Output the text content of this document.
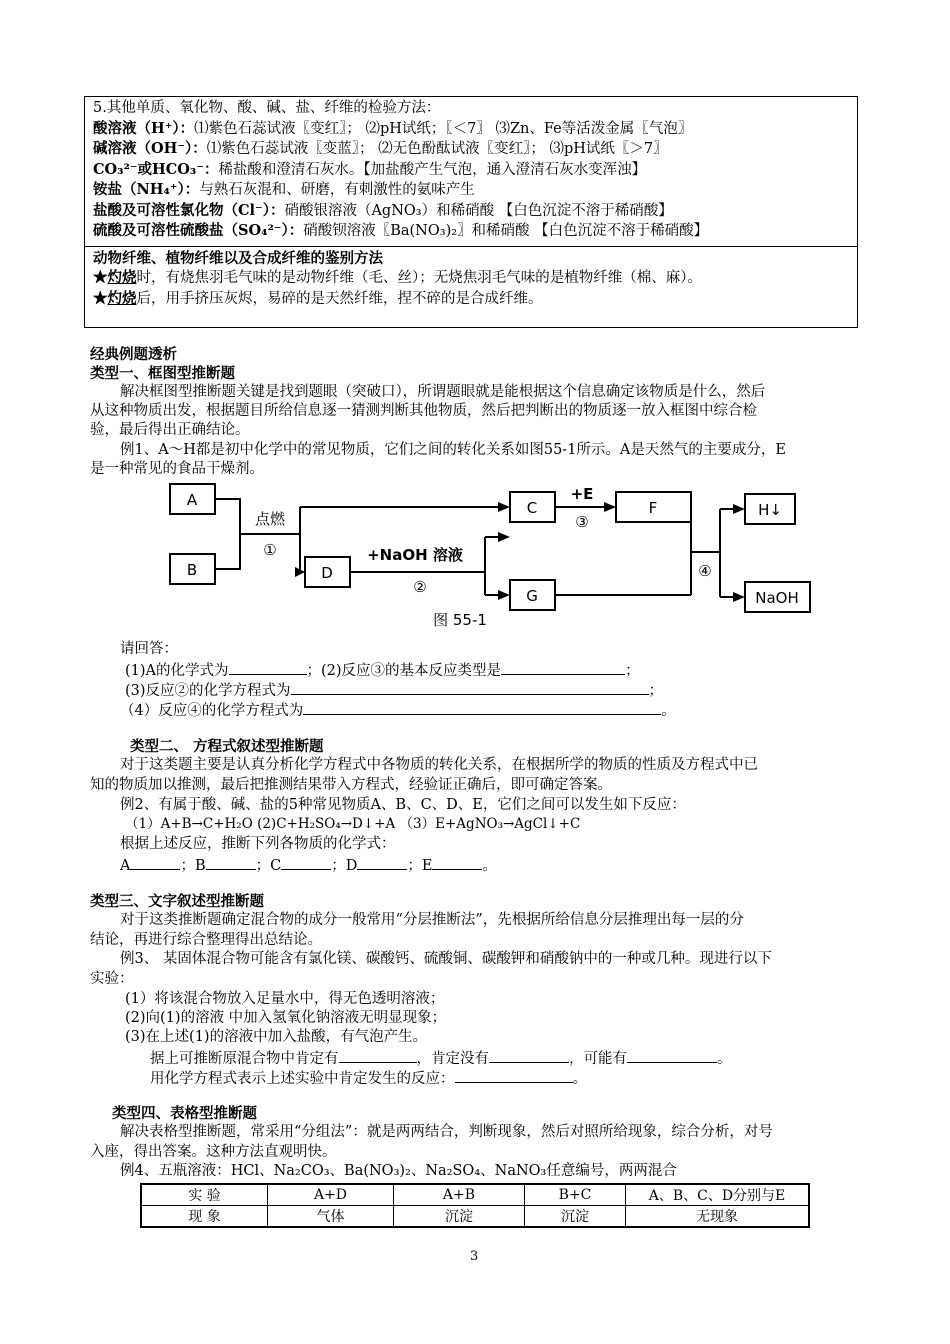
5.其他单质、氧化物、酸、碱、盐、纤维的检验方法：
酸溶液（H⁺）：⑴紫色石蕊试液〖变红〗； ⑵pH试纸；〖＜7〗 ⑶Zn、Fe等活泼金属〖气泡〗
碱溶液（OH⁻）：⑴紫色石蕊试液〖变蓝〗； ⑵无色酚酞试液〖变红〗； ⑶pH试纸〖＞7〗
CO₃²⁻或HCO₃⁻：稀盐酸和澄清石灰水。【加盐酸产生气泡，通入澄清石灰水变浑浊】
铵盐（NH₄⁺）：与熟石灰混和、研磨，有刺激性的氨味产生
盐酸及可溶性氯化物（Cl⁻）：硝酸银溶液（AgNO₃）和稀硝酸 【白色沉淀不溶于稀硝酸】
硫酸及可溶性硫酸盐（SO₄²⁻）：硝酸钡溶液〖Ba(NO₃)₂〗和稀硝酸 【白色沉淀不溶于稀硝酸】
动物纤维、植物纤维以及合成纤维的鉴别方法
★灼烧时，有烧焦羽毛气味的是动物纤维（毛、丝）；无烧焦羽毛气味的是植物纤维（棉、麻）。
★灼烧后，用手挤压灰烬，易碎的是天然纤维，捏不碎的是合成纤维。
经典例题透析
类型一、框图型推断题
解决框图型推断题关键是找到题眼（突破口），所谓题眼就是能根据这个信息确定该物质是什么，然后
从这种物质出发，根据题目所给信息逐一猜测判断其他物质，然后把判断出的物质逐一放入框图中综合检
验，最后得出正确结论。
例1、A～H都是初中化学中的常见物质，它们之间的转化关系如图55-1所示。A是天然气的主要成分，E
是一种常见的食品干燥剂。
A
B	D
C
G
F	H↓
NaOH
点燃
①	+NaOH 溶液
②
+E
③
④
图 55-1
请回答：
(1)A的化学式为	；(2)反应③的基本反应类型是	；
(3)反应②的化学方程式为	；
（4）反应④的化学方程式为	。
类型二、 方程式叙述型推断题
对于这类题主要是认真分析化学方程式中各物质的转化关系，在根据所学的物质的性质及方程式中已
知的物质加以推测，最后把推测结果带入方程式，经验证正确后，即可确定答案。
例2、有属于酸、碱、盐的5种常见物质A、B、C、D、E，它们之间可以发生如下反应：
（1）A+B→C+H₂O (2)C+H₂SO₄→D↓+A （3）E+AgNO₃→AgCl↓+C
根据上述反应，推断下列各物质的化学式：
A	；B	；C	；D	；E	。
类型三、文字叙述型推断题
对于这类推断题确定混合物的成分一般常用“分层推断法”，先根据所给信息分层推理出每一层的分
结论，再进行综合整理得出总结论。
例3、 某固体混合物可能含有氯化镁、碳酸钙、硫酸铜、碳酸钾和硝酸钠中的一种或几种。现进行以下
实验：
(1）将该混合物放入足量水中，得无色透明溶液；
(2)向(1)的溶液 中加入氢氧化钠溶液无明显现象；
(3)在上述(1)的溶液中加入盐酸，有气泡产生。
据上可推断原混合物中肯定有	，肯定没有	，可能有	。
用化学方程式表示上述实验中肯定发生的反应：	。
类型四、表格型推断题
解决表格型推断题，常采用“分组法”：就是两两结合，判断现象，然后对照所给现象，综合分析，对号
入座，得出答案。这种方法直观明快。
例4、五瓶溶液：HCl、Na₂CO₃、Ba(NO₃)₂、Na₂SO₄、NaNO₃任意编号，两两混合
实 验	A+D	A+B	B+C	A、B、C、D分别与E
现 象	气体	沉淀	沉淀	无现象
3
